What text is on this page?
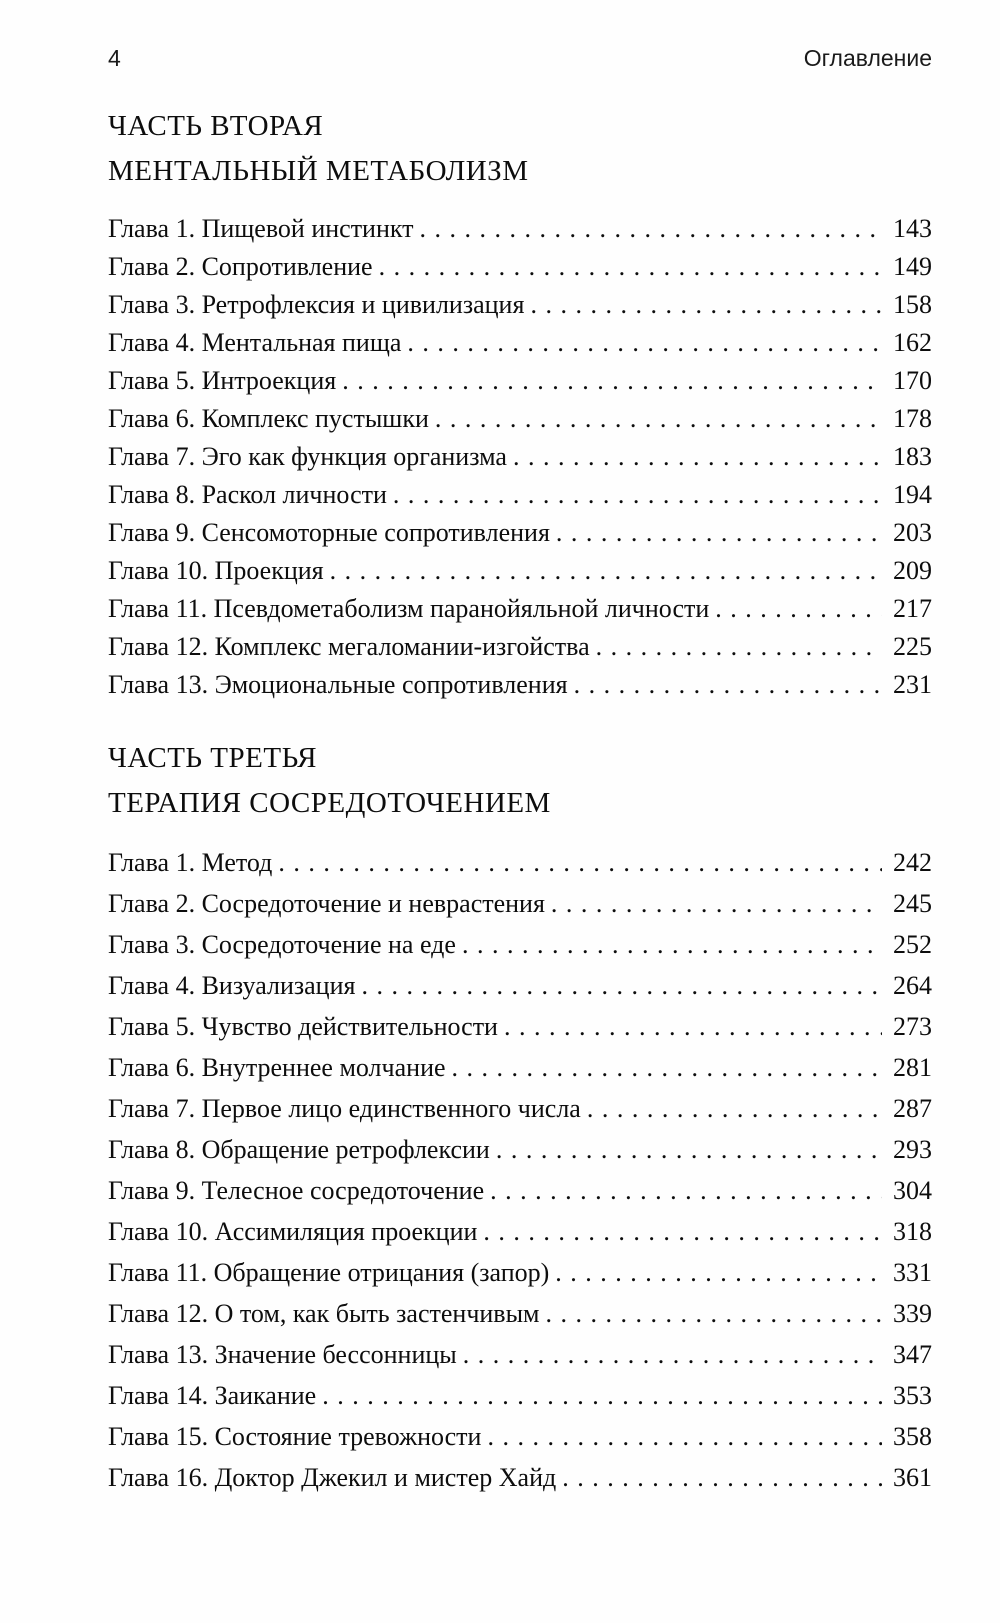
4	Оглавление
ЧАСТЬ ВТОРАЯ
МЕНТАЛЬНЫЙ МЕТАБОЛИЗМ
Глава 1. Пищевой инстинкт . . .	143
Глава 2. Сопротивление . . .	149
Глава 3. Ретрофлексия и цивилизация . . .	158
Глава 4. Ментальная пища . . .	162
Глава 5. Интроекция . . .	170
Глава 6. Комплекс пустышки . . .	178
Глава 7. Эго как функция организма . . .	183
Глава 8. Раскол личности . . .	194
Глава 9. Сенсомоторные сопротивления . . .	203
Глава 10. Проекция . . .	209
Глава 11. Псевдометаболизм паранойяльной личности . . .	217
Глава 12. Комплекс мегаломании-изгойства . . .	225
Глава 13. Эмоциональные сопротивления . . .	231
ЧАСТЬ ТРЕТЬЯ
ТЕРАПИЯ СОСРЕДОТОЧЕНИЕМ
Глава 1. Метод . . .	242
Глава 2. Сосредоточение и неврастения . . .	245
Глава 3. Сосредоточение на еде . . .	252
Глава 4. Визуализация . . .	264
Глава 5. Чувство действительности . . .	273
Глава 6. Внутреннее молчание . . .	281
Глава 7. Первое лицо единственного числа . . .	287
Глава 8. Обращение ретрофлексии . . .	293
Глава 9. Телесное сосредоточение . . .	304
Глава 10. Ассимиляция проекции . . .	318
Глава 11. Обращение отрицания (запор) . . .	331
Глава 12. О том, как быть застенчивым . . .	339
Глава 13. Значение бессонницы . . .	347
Глава 14. Заикание . . .	353
Глава 15. Состояние тревожности . . .	358
Глава 16. Доктор Джекил и мистер Хайд . . .	361
